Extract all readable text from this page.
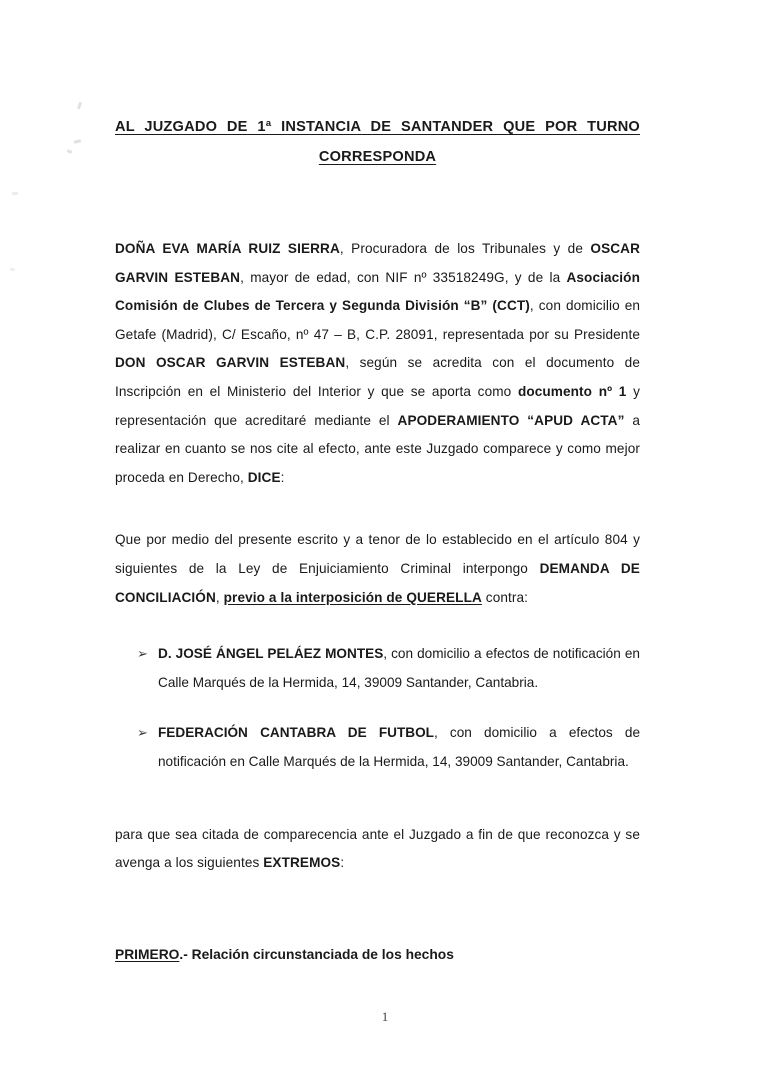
AL JUZGADO DE 1ª INSTANCIA DE SANTANDER QUE POR TURNO
CORRESPONDA

DOÑA EVA MARÍA RUIZ SIERRA, Procuradora de los Tribunales y de OSCAR GARVIN ESTEBAN, mayor de edad, con NIF nº 33518249G, y de la Asociación Comisión de Clubes de Tercera y Segunda División “B” (CCT), con domicilio en Getafe (Madrid), C/ Escaño, nº 47 – B, C.P. 28091, representada por su Presidente DON OSCAR GARVIN ESTEBAN, según se acredita con el documento de Inscripción en el Ministerio del Interior y que se aporta como documento nº 1 y representación que acreditaré mediante el APODERAMIENTO “APUD ACTA” a realizar en cuanto se nos cite al efecto, ante este Juzgado comparece y como mejor proceda en Derecho, DICE:

Que por medio del presente escrito y a tenor de lo establecido en el artículo 804 y siguientes de la Ley de Enjuiciamiento Criminal interpongo DEMANDA DE CONCILIACIÓN, previo a la interposición de QUERELLA contra:

➢ D. JOSÉ ÁNGEL PELÁEZ MONTES, con domicilio a efectos de notificación en Calle Marqués de la Hermida, 14, 39009 Santander, Cantabria.
➢ FEDERACIÓN CANTABRA DE FUTBOL, con domicilio a efectos de notificación en Calle Marqués de la Hermida, 14, 39009 Santander, Cantabria.

para que sea citada de comparecencia ante el Juzgado a fin de que reconozca y se avenga a los siguientes EXTREMOS:

PRIMERO.- Relación circunstanciada de los hechos
1
